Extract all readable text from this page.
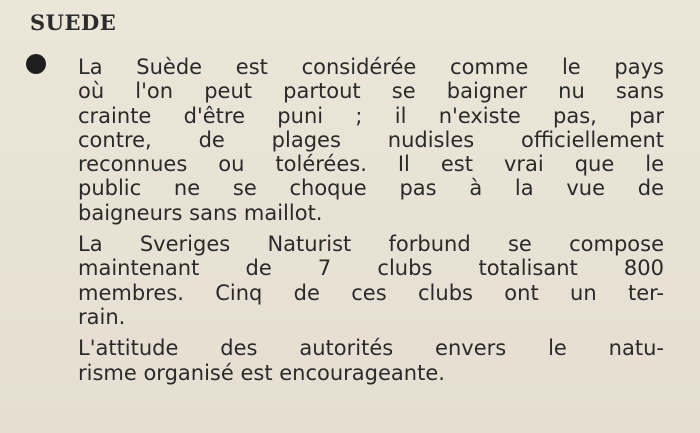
SUEDE
La Suède est considérée comme le pays
où l'on peut partout se baigner nu sans
crainte d'être puni ; il n'existe pas, par
contre, de plages nudisles officiellement
reconnues ou tolérées. Il est vrai que le
public ne se choque pas à la vue de
baigneurs sans maillot.
La Sveriges Naturist forbund se compose
maintenant de 7 clubs totalisant 800
membres. Cinq de ces clubs ont un ter-
rain.
L'attitude des autorités envers le natu-
risme organisé est encourageante.
